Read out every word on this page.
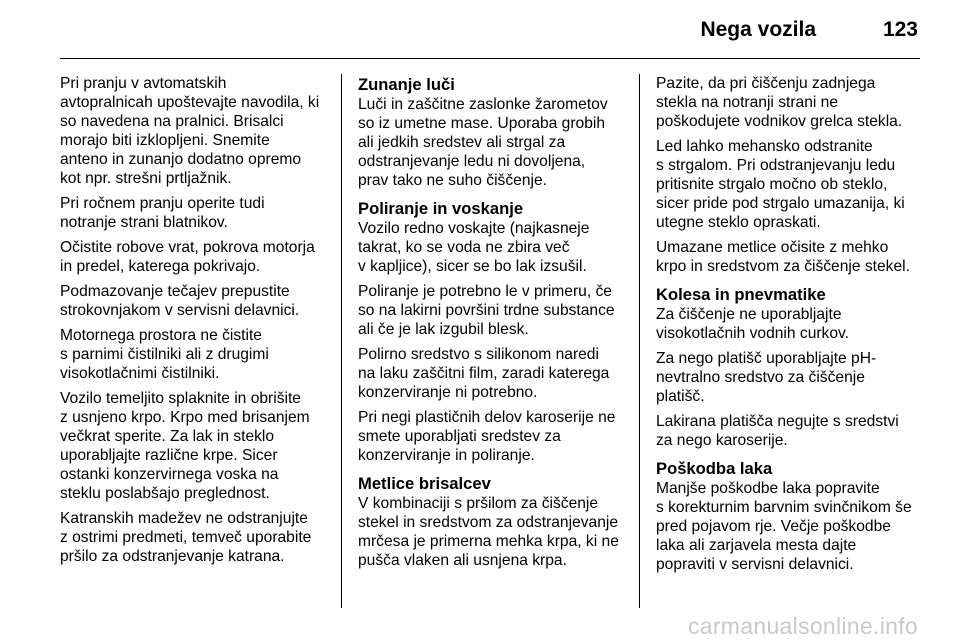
Nega vozila	123

Pri pranju v avtomatskih
avtopralnicah upoštevajte navodila, ki
so navedena na pralnici. Brisalci
morajo biti izklopljeni. Snemite
anteno in zunanjo dodatno opremo
kot npr. strešni prtljažnik.

Pri ročnem pranju operite tudi
notranje strani blatnikov.

Očistite robove vrat, pokrova motorja
in predel, katerega pokrivajo.

Podmazovanje tečajev prepustite
strokovnjakom v servisni delavnici.

Motornega prostora ne čistite
s parnimi čistilniki ali z drugimi
visokotlačnimi čistilniki.

Vozilo temeljito splaknite in obrišite
z usnjeno krpo. Krpo med brisanjem
večkrat sperite. Za lak in steklo
uporabljajte različne krpe. Sicer
ostanki konzervirnega voska na
steklu poslabšajo preglednost.

Katranskih madežev ne odstranjujte
z ostrimi predmeti, temveč uporabite
pršilo za odstranjevanje katrana.

Zunanje luči

Luči in zaščitne zaslonke žarometov
so iz umetne mase. Uporaba grobih
ali jedkih sredstev ali strgal za
odstranjevanje ledu ni dovoljena,
prav tako ne suho čiščenje.

Poliranje in voskanje

Vozilo redno voskajte (najkasneje
takrat, ko se voda ne zbira več
v kapljice), sicer se bo lak izsušil.

Poliranje je potrebno le v primeru, če
so na lakirni površini trdne substance
ali če je lak izgubil blesk.

Polirno sredstvo s silikonom naredi
na laku zaščitni film, zaradi katerega
konzerviranje ni potrebno.

Pri negi plastičnih delov karoserije ne
smete uporabljati sredstev za
konzerviranje in poliranje.

Metlice brisalcev

V kombinaciji s pršilom za čiščenje
stekel in sredstvom za odstranjevanje
mrčesa je primerna mehka krpa, ki ne
pušča vlaken ali usnjena krpa.

Pazite, da pri čiščenju zadnjega
stekla na notranji strani ne
poškodujete vodnikov grelca stekla.

Led lahko mehansko odstranite
s strgalom. Pri odstranjevanju ledu
pritisnite strgalo močno ob steklo,
sicer pride pod strgalo umazanija, ki
utegne steklo opraskati.

Umazane metlice očisite z mehko
krpo in sredstvom za čiščenje stekel.

Kolesa in pnevmatike

Za čiščenje ne uporabljajte
visokotlačnih vodnih curkov.

Za nego platišč uporabljajte pH-
nevtralno sredstvo za čiščenje
platišč.

Lakirana platišča negujte s sredstvi
za nego karoserije.

Poškodba laka

Manjše poškodbe laka popravite
s korekturnim barvnim svinčnikom še
pred pojavom rje. Večje poškodbe
laka ali zarjavela mesta dajte
popraviti v servisni delavnici.

carmanualsonline.info
